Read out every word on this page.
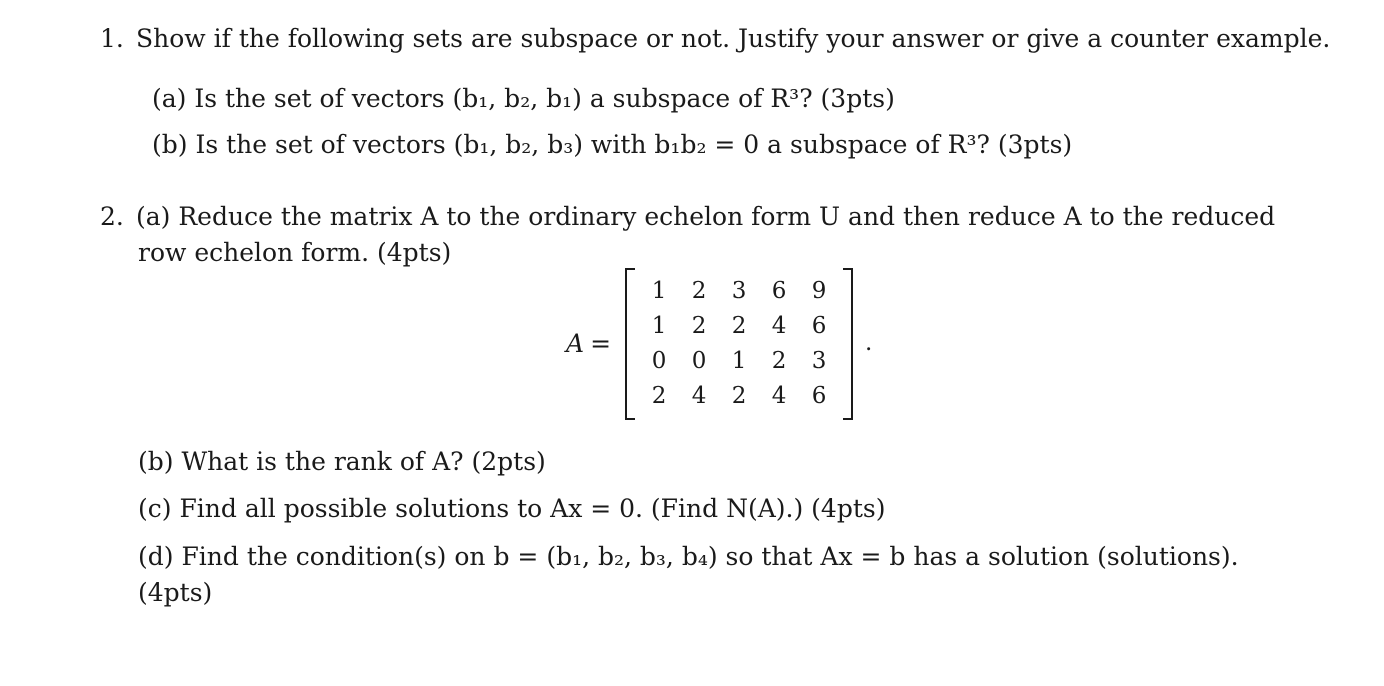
1. Show if the following sets are subspace or not. Justify your answer or give a counter example.
(a) Is the set of vectors (b₁, b₂, b₁) a subspace of R³? (3pts)
(b) Is the set of vectors (b₁, b₂, b₃) with b₁b₂ = 0 a subspace of R³? (3pts)
2. (a) Reduce the matrix A to the ordinary echelon form U and then reduce A to the reduced
row echelon form. (4pts)
A =
1	2	3	6	9
1	2	2	4	6
0	0	1	2	3
2	4	2	4	6
.
(b) What is the rank of A? (2pts)
(c) Find all possible solutions to Ax = 0. (Find N(A).) (4pts)
(d) Find the condition(s) on b = (b₁, b₂, b₃, b₄) so that Ax = b has a solution (solutions).
(4pts)
